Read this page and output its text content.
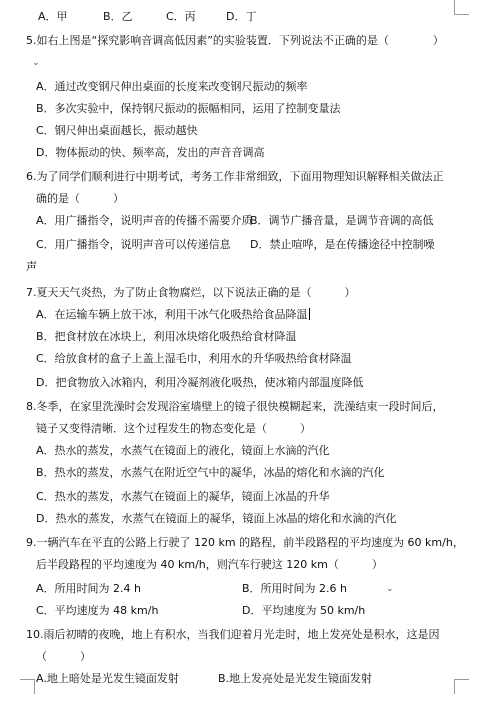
A．甲	B．乙	C．丙	D．丁
5.如右上图是“探究影响音调高低因素”的实验装置．下列说法不正确的是（　　　　）
⌄
A．通过改变钢尺伸出桌面的长度来改变钢尺振动的频率
B．多次实验中，保持钢尺振动的振幅相同，运用了控制变量法
C．钢尺伸出桌面越长，振动越快
D．物体振动的快、频率高，发出的声音音调高
6.为了同学们顺利进行中期考试，考务工作非常细致，下面用物理知识解释相关做法正
确的是（　　　）
A．用广播指令，说明声音的传播不需要介质
B．调节广播音量，是调节音调的高低
C．用广播指令，说明声音可以传递信息 D．禁止喧哗，是在传播途径中控制噪
声
7.夏天天气炎热，为了防止食物腐烂，以下说法正确的是（　　　）
A．在运输车辆上放干冰，利用干冰气化吸热给食品降温
B．把食材放在冰块上，利用冰块熔化吸热给食材降温
C．给放食材的盒子上盖上湿毛巾，利用水的升华吸热给食材降温
D．把食物放入冰箱内，利用冷凝剂液化吸热，使冰箱内部温度降低
8.冬季，在家里洗澡时会发现浴室墙壁上的镜子很快模糊起来，洗澡结束一段时间后，
镜子又变得清晰．这个过程发生的物态变化是（　　　）
A．热水的蒸发，水蒸气在镜面上的液化，镜面上水滴的汽化
B．热水的蒸发，水蒸气在附近空气中的凝华，冰晶的熔化和水滴的汽化
C．热水的蒸发，水蒸气在镜面上的凝华，镜面上冰晶的升华
D．热水的蒸发，水蒸气在镜面上的凝华，镜面上冰晶的熔化和水滴的汽化
9.一辆汽车在平直的公路上行驶了 120 km 的路程，前半段路程的平均速度为 60 km/h，
后半段路程的平均速度为 40 km/h，则汽车行驶这 120 km（　　　）
A．所用时间为 2.4 h	B．所用时间为 2.6 h	⌄
C．平均速度为 48 km/h	D．平均速度为 50 km/h
10.雨后初晴的夜晚，地上有积水，当我们迎着月光走时，地上发亮处是积水，这是因
（　　　）
A.地上暗处是光发生镜面发射	B.地上发亮处是光发生镜面发射
